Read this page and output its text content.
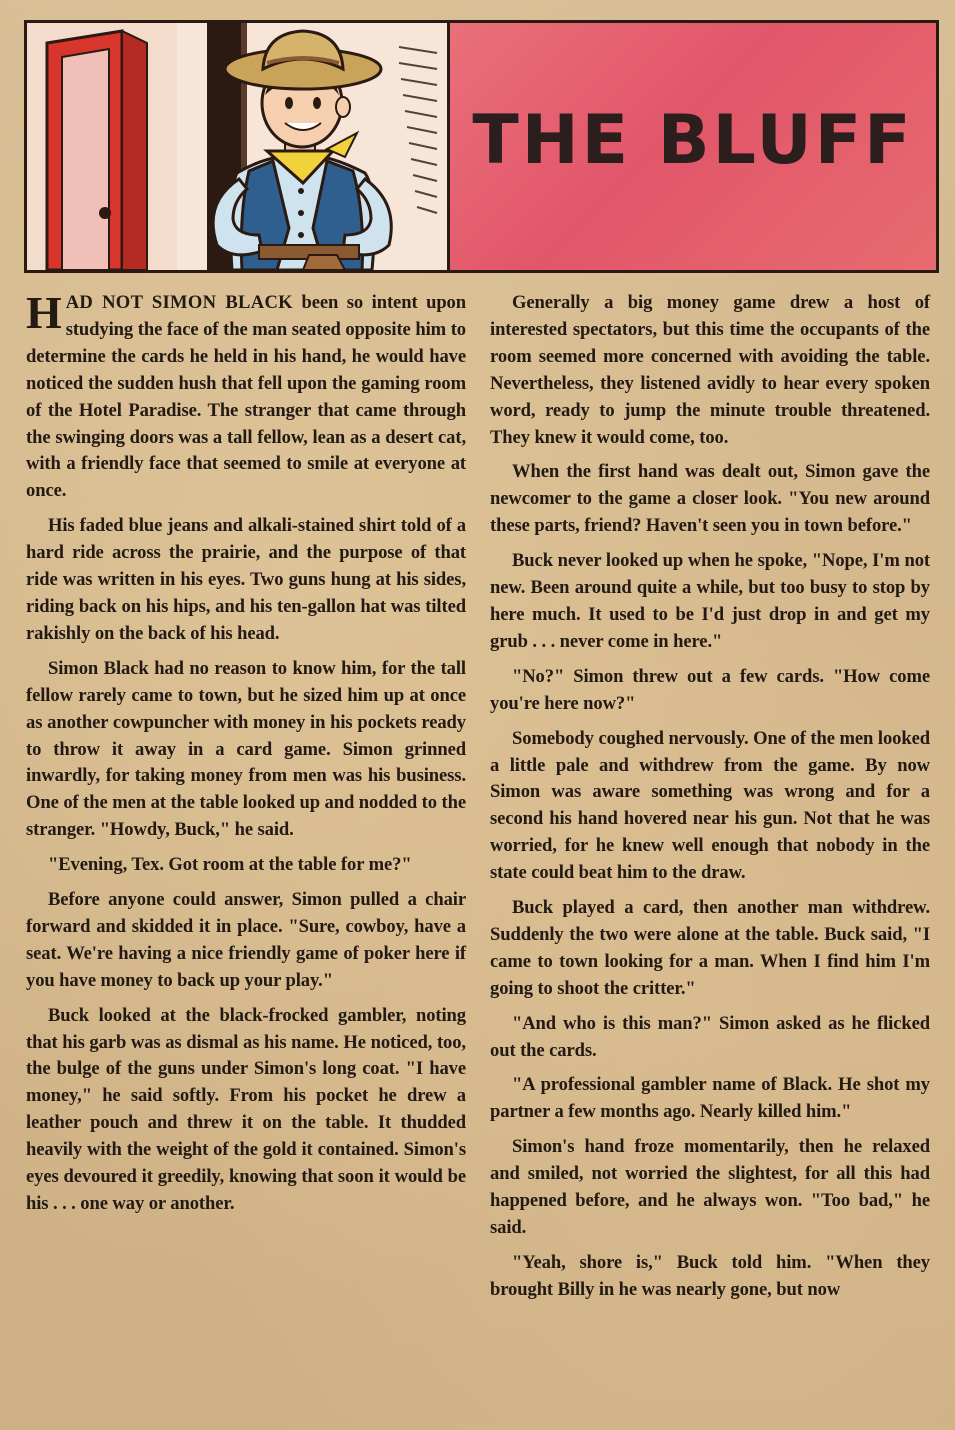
THE BLUFF

HAD NOT SIMON BLACK been so intent upon studying the face of the man seated opposite him to determine the cards he held in his hand, he would have noticed the sudden hush that fell upon the gaming room of the Hotel Paradise. The stranger that came through the swinging doors was a tall fellow, lean as a desert cat, with a friendly face that seemed to smile at everyone at once.

His faded blue jeans and alkali-stained shirt told of a hard ride across the prairie, and the purpose of that ride was written in his eyes. Two guns hung at his sides, riding back on his hips, and his ten-gallon hat was tilted rakishly on the back of his head.

Simon Black had no reason to know him, for the tall fellow rarely came to town, but he sized him up at once as another cowpuncher with money in his pockets ready to throw it away in a card game. Simon grinned inwardly, for taking money from men was his business. One of the men at the table looked up and nodded to the stranger. "Howdy, Buck," he said.

"Evening, Tex. Got room at the table for me?"

Before anyone could answer, Simon pulled a chair forward and skidded it in place. "Sure, cowboy, have a seat. We're having a nice friendly game of poker here if you have money to back up your play."

Buck looked at the black-frocked gambler, noting that his garb was as dismal as his name. He noticed, too, the bulge of the guns under Simon's long coat. "I have money," he said softly. From his pocket he drew a leather pouch and threw it on the table. It thudded heavily with the weight of the gold it contained. Simon's eyes devoured it greedily, knowing that soon it would be his . . . one way or another.

Generally a big money game drew a host of interested spectators, but this time the occupants of the room seemed more concerned with avoiding the table. Nevertheless, they listened avidly to hear every spoken word, ready to jump the minute trouble threatened. They knew it would come, too.

When the first hand was dealt out, Simon gave the newcomer to the game a closer look. "You new around these parts, friend? Haven't seen you in town before."

Buck never looked up when he spoke, "Nope, I'm not new. Been around quite a while, but too busy to stop by here much. It used to be I'd just drop in and get my grub . . . never come in here."

"No?" Simon threw out a few cards. "How come you're here now?"

Somebody coughed nervously. One of the men looked a little pale and withdrew from the game. By now Simon was aware something was wrong and for a second his hand hovered near his gun. Not that he was worried, for he knew well enough that nobody in the state could beat him to the draw.

Buck played a card, then another man withdrew. Suddenly the two were alone at the table. Buck said, "I came to town looking for a man. When I find him I'm going to shoot the critter."

"And who is this man?" Simon asked as he flicked out the cards.

"A professional gambler name of Black. He shot my partner a few months ago. Nearly killed him."

Simon's hand froze momentarily, then he relaxed and smiled, not worried the slightest, for all this had happened before, and he always won. "Too bad," he said.

"Yeah, shore is," Buck told him. "When they brought Billy in he was nearly gone, but now
